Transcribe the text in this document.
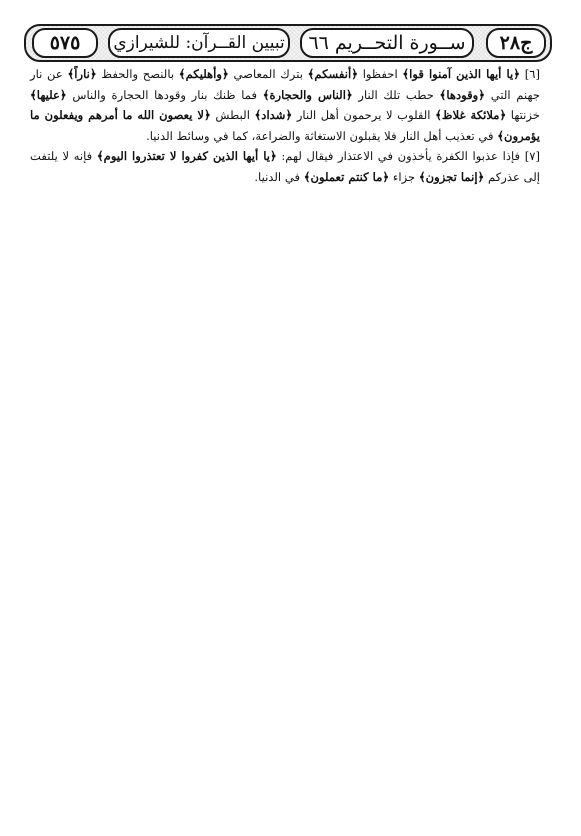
ج٢٨
ســورة التحــريم ٦٦
تبيين القــرآن: للشيرازي
٥٧٥

[٦] ﴿يا أيها الذين آمنوا قوا﴾ احفظوا ﴿أنفسكم﴾ بترك المعاصي ﴿وأهليكم﴾ بالنصح والحفظ ﴿ناراً﴾ عن نار جهنم التي ﴿وقودها﴾ حطب تلك النار ﴿الناس والحجارة﴾ فما ظنك بنار وقودها الحجارة والناس ﴿عليها﴾ خزنتها ﴿ملائكة غلاظ﴾ القلوب لا يرحمون أهل النار ﴿شداد﴾ البطش ﴿لا يعصون الله ما أمرهم ويفعلون ما يؤمرون﴾ في تعذيب أهل النار فلا يقبلون الاستغاثة والضراعة، كما في وسائط الدنيا.

[٧] فإذا عذبوا الكفرة يأخذون في الاعتذار فيقال لهم: ﴿يا أيها الذين كفروا لا تعتذروا اليوم﴾ فإنه لا يلتفت إلى عذركم ﴿إنما تجزون﴾ جزاء ﴿ما كنتم تعملون﴾ في الدنيا.
